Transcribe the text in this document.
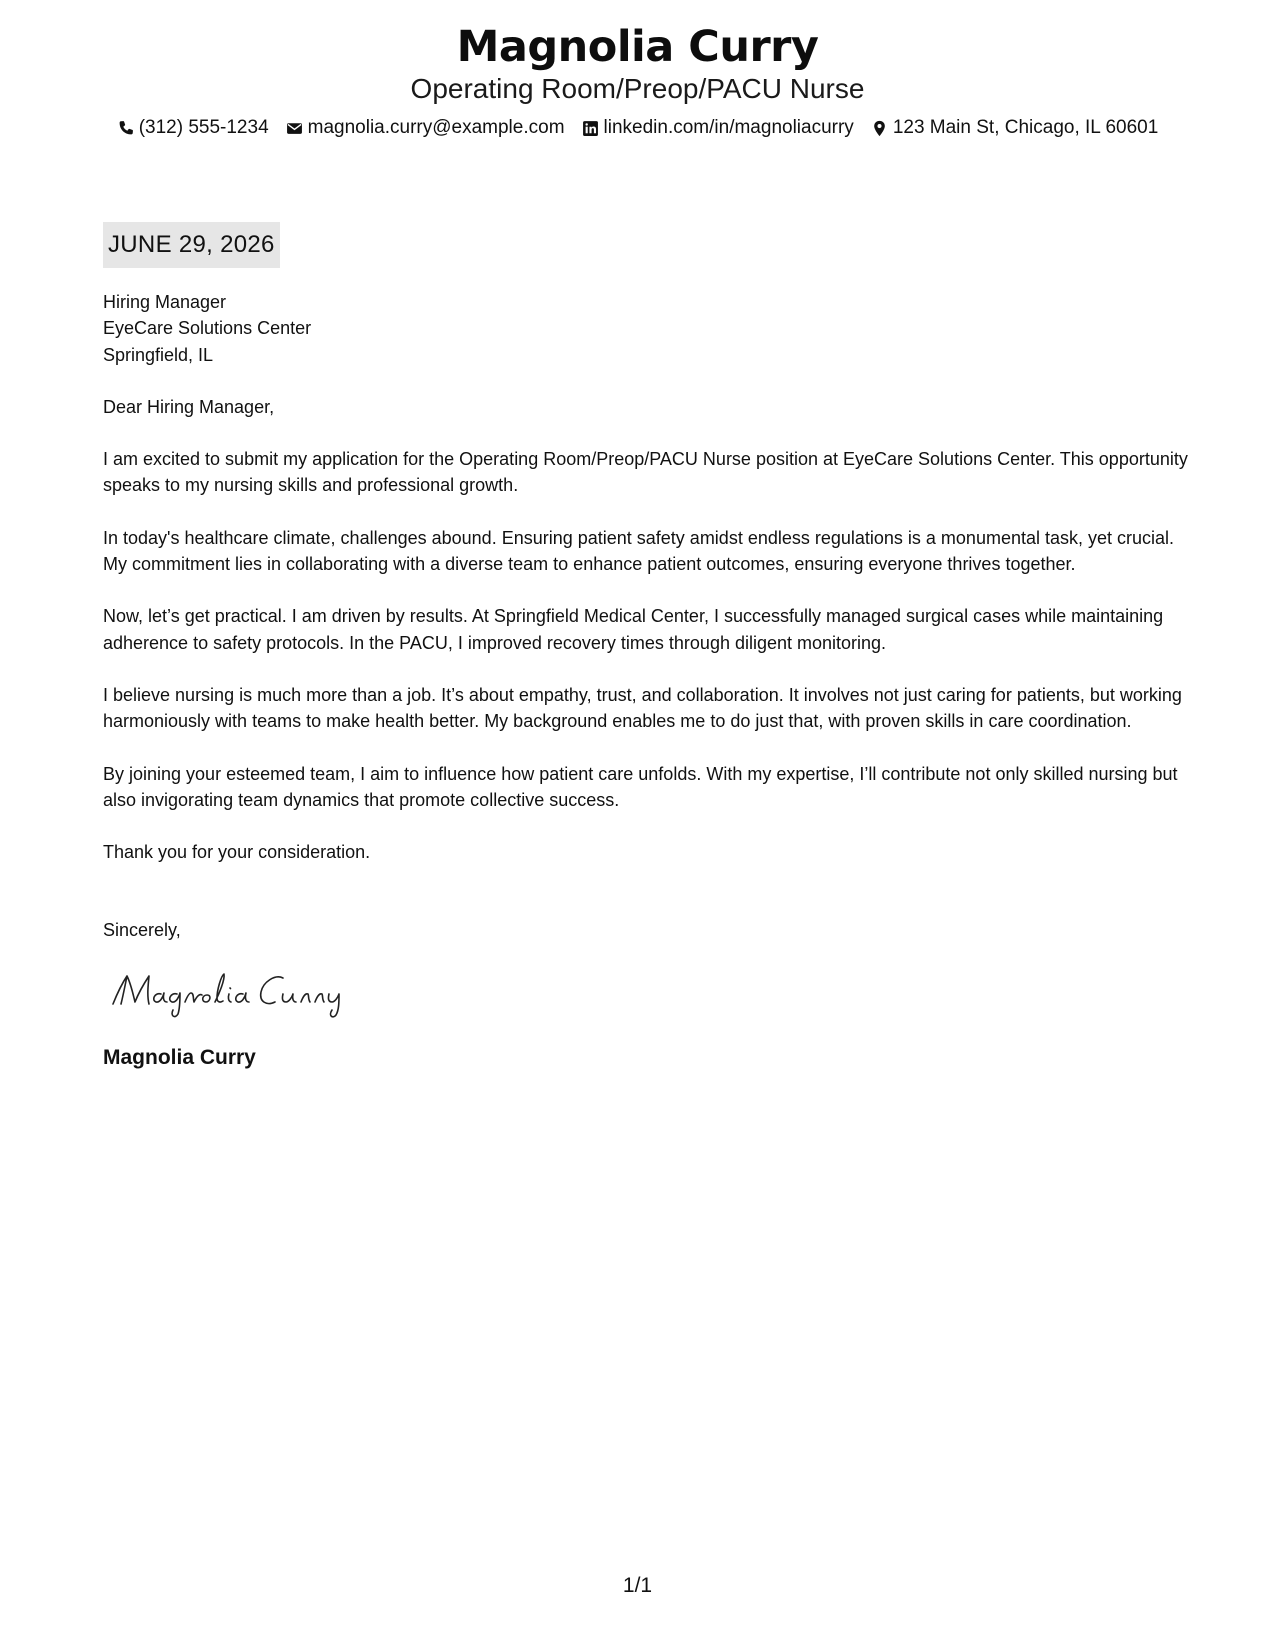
Magnolia Curry
Operating Room/Preop/PACU Nurse
(312) 555-1234 magnolia.curry@example.com linkedin.com/in/magnoliacurry 123 Main St, Chicago, IL 60601
JUNE 29, 2026
Hiring Manager
EyeCare Solutions Center
Springfield, IL
Dear Hiring Manager,

I am excited to submit my application for the Operating Room/Preop/PACU Nurse position at EyeCare Solutions Center. This opportunity speaks to my nursing skills and professional growth.

In today's healthcare climate, challenges abound. Ensuring patient safety amidst endless regulations is a monumental task, yet crucial. My commitment lies in collaborating with a diverse team to enhance patient outcomes, ensuring everyone thrives together.

Now, let’s get practical. I am driven by results. At Springfield Medical Center, I successfully managed surgical cases while maintaining adherence to safety protocols. In the PACU, I improved recovery times through diligent monitoring.

I believe nursing is much more than a job. It’s about empathy, trust, and collaboration. It involves not just caring for patients, but working harmoniously with teams to make health better. My background enables me to do just that, with proven skills in care coordination.

By joining your esteemed team, I aim to influence how patient care unfolds. With my expertise, I’ll contribute not only skilled nursing but also invigorating team dynamics that promote collective success.

Thank you for your consideration.

Sincerely,
Magnolia Curry
1/1
